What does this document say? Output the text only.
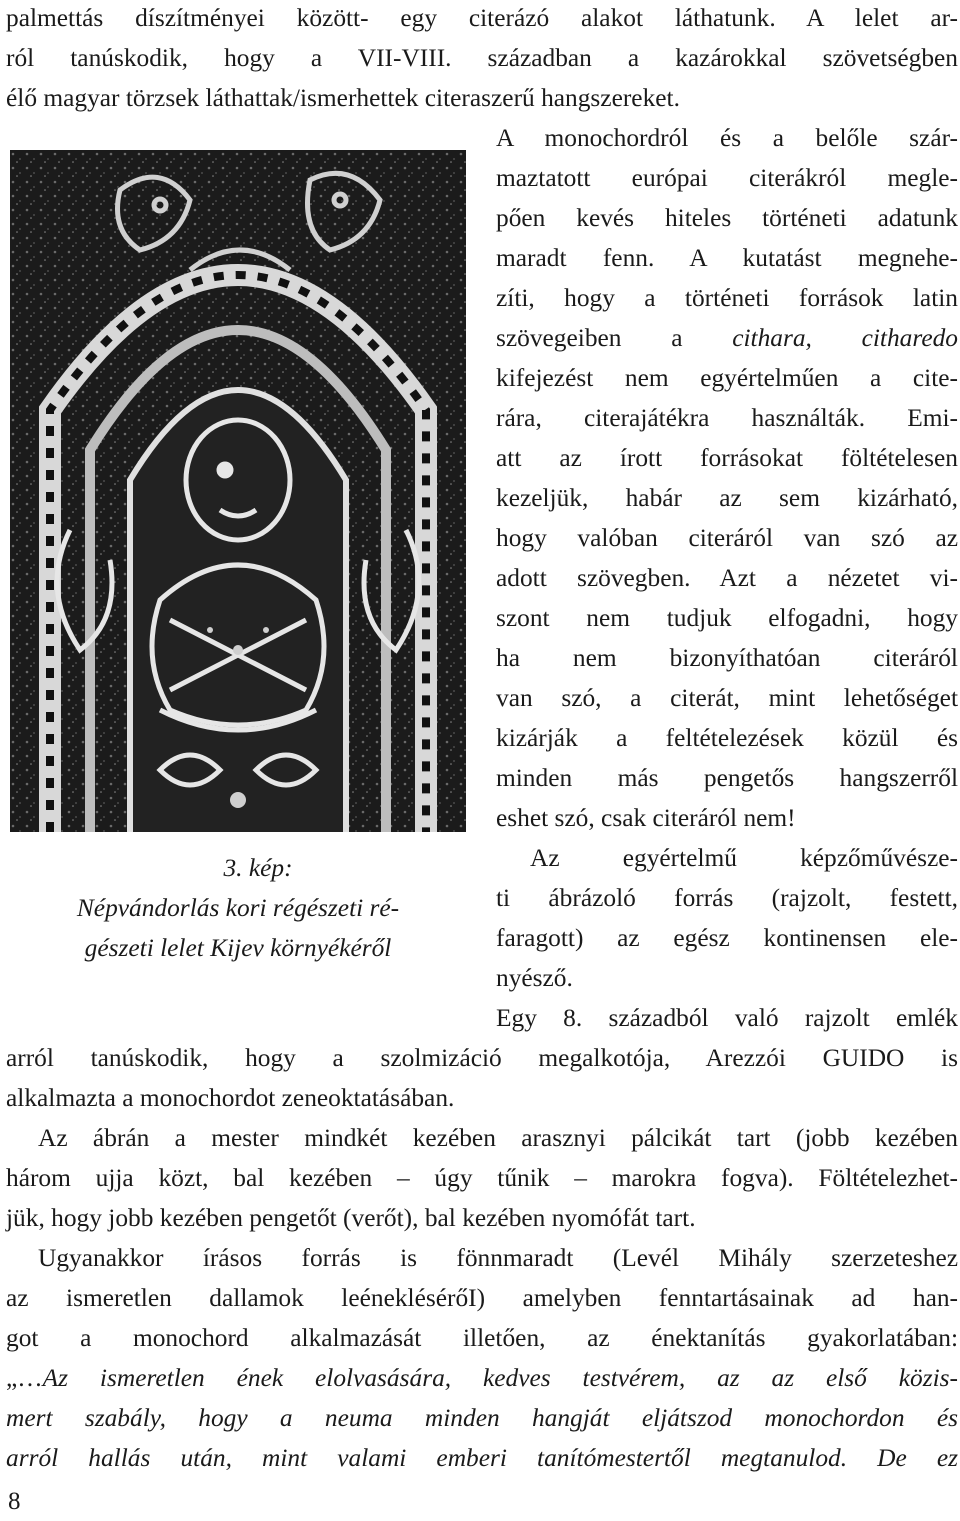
palmettás díszítményei között- egy citerázó alakot láthatunk. A lelet ar-

ról tanúskodik, hogy a VII-VIII. században a kazárokkal szövetségben

élő magyar törzsek láthattak/ismerhettek citeraszerű hangszereket.

3. kép:
Népvándorlás kori régészeti ré-
gészeti lelet Kijev környékéről

A monochordról és a belőle szár-

maztatott európai citerákról megle-

pően kevés hiteles történeti adatunk

maradt fenn. A kutatást megnehe-

zíti, hogy a történeti források latin

szövegeiben a cithara, citharedo

kifejezést nem egyértelműen a cite-

rára, citerajátékra használták. Emi-

att az írott forrásokat föltételesen

kezeljük, habár az sem kizárható,

hogy valóban citeráról van szó az

adott szövegben. Azt a nézetet vi-

szont nem tudjuk elfogadni, hogy

ha nem bizonyíthatóan citeráról

van szó, a citerát, mint lehetőséget

kizárják a feltételezések közül és

minden más pengetős hangszerről

eshet szó, csak citeráról nem!

Az egyértelmű képzőművésze-

ti ábrázoló forrás (rajzolt, festett,

faragott) az egész kontinensen ele-

nyésző.

Egy 8. századból való rajzolt emlék

arról tanúskodik, hogy a szolmizáció megalkotója, Arezzói GUIDO is

alkalmazta a monochordot zeneoktatásában.

Az ábrán a mester mindkét kezében arasznyi pálcikát tart (jobb kezében

három ujja közt, bal kezében – úgy tűnik – marokra fogva). Föltételezhet-

jük, hogy jobb kezében pengetőt (verőt), bal kezében nyomófát tart.

Ugyanakkor írásos forrás is fönnmaradt (Levél Mihály szerzeteshez

az ismeretlen dallamok leéneklésérőI) amelyben fenntartásainak ad han-

got a monochord alkalmazását illetően, az énektanítás gyakorlatában:

„…Az ismeretlen ének elolvasására, kedves testvérem, az az első közis-

mert szabály, hogy a neuma minden hangját eljátszod monochordon és

arról hallás után, mint valami emberi tanítómestertől megtanulod. De ez

8
